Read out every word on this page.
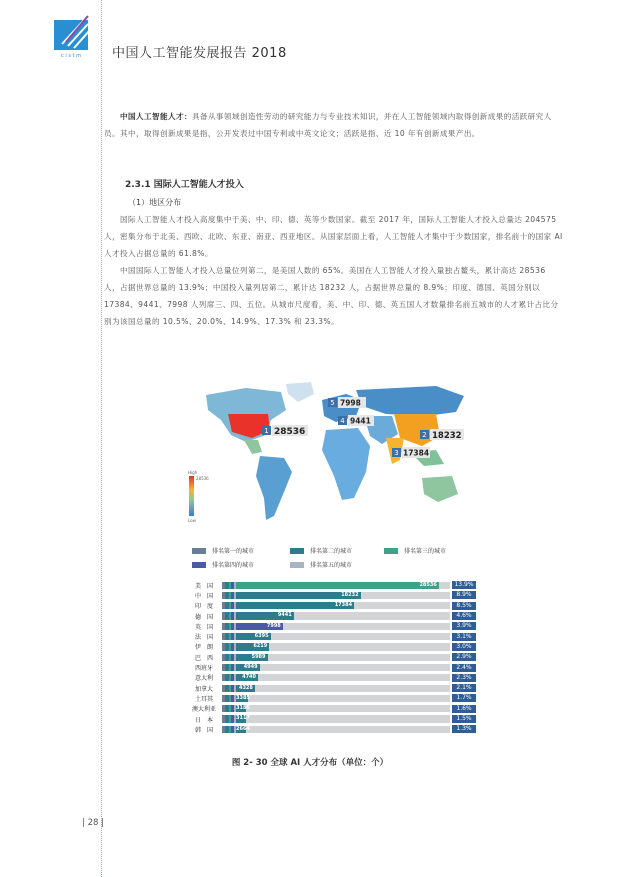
c i s t m 中国人工智能发展报告 2018

中国人工智能人才：具备从事领域创造性劳动的研究能力与专业技术知识，并在人工智能领域内取得创新成果的活跃研究人员。其中，取得创新成果是指，公开发表过中国专利或中英文论文；活跃是指、近 10 年有创新成果产出。

2.3.1 国际人工智能人才投入
（1）地区分布

国际人工智能人才投入高度集中于美、中、印、德、英等少数国家。截至 2017 年，国际人工智能人才投入总量达 204575 人，密集分布于北美、西欧、北欧、东亚、南亚、西亚地区。从国家层面上看，人工智能人才集中于少数国家，排名前十的国家 AI 人才投入占据总量的 61.8%。

中国国际人工智能人才投入总量位列第二，是美国人数的 65%。美国在人工智能人才投入量独占鳌头，累计高达 28536 人，占据世界总量的 13.9%；中国投入量列居第二，累计达 18232 人，占据世界总量的 8.9%；印度、德国、英国分别以 17384、9441、7998 人列席三、四、五位。从城市尺度看，美、中、印、德、英五国人才数量排名前五城市的人才累计占比分别为该国总量的 10.5%、20.0%、14.9%、17.3% 和 23.3%。

High
28536
Low
1 28536	2 18232
3 17384
4 9441
5 7998
排名第一的城市	排名第二的城市	排名第三的城市
排名第四的城市	排名第五的城市
美　国	28536	13.9%
中　国	18232	8.9%
印　度	17384	8.5%
德　国	9441	4.6%
英　国	7998	3.9%
法　国	6395	3.1%
伊　朗	6219	3.0%
巴　西	5989	2.9%
西班牙	4949	2.4%
意大利	4740	2.3%
加拿大	4328	2.1%
土耳其	3385	1.7%
澳大利亚	3186	1.6%
日　本	3117	1.5%
韩　国	2664	1.3%
图 2- 30 全球 AI 人才分布（单位：个）
| 28 |
